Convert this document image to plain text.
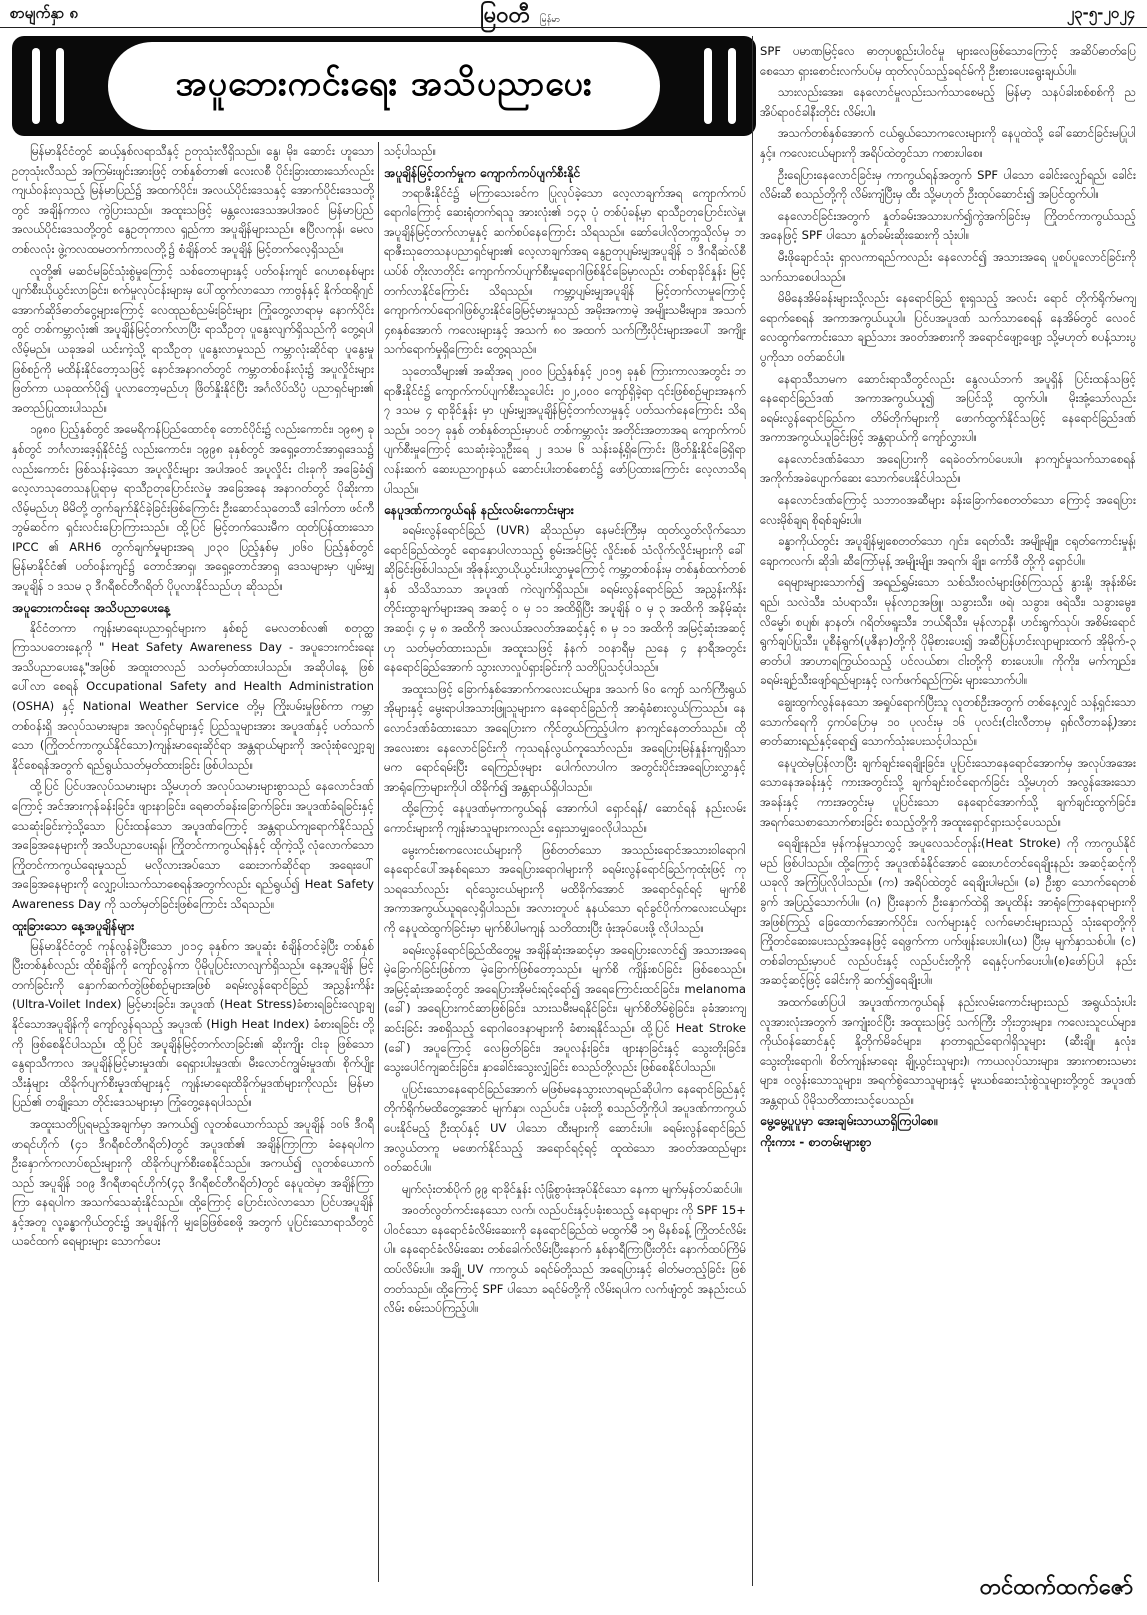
စာမျက်နှာ ၈	မြဝတီ မြန်မာ	၂၃-၅-၂၀၂၄
အပူဘေးကင်းရေး အသိပညာပေး

မြန်မာနိုင်ငံတွင် ဆယ့်နှစ်လရာသီနှင့် ဥတုသုံးလီရှိသည်။ နွေ၊ မိုး၊ ဆောင်း ဟူသော ဥတုသုံးလီသည် အကြမ်းဖျင်းအားဖြင့် တစ်နှစ်တာ၏ လေးလစီ ပိုင်းခြားထားသော်လည်း ကျယ်ဝန်းလှသည့် မြန်မာပြည်၌ အထက်ပိုင်း၊ အလယ်ပိုင်းဒေသနှင့် အောက်ပိုင်းဒေသတို့တွင် အချိန်ကာလ ကွဲပြားသည်။ အထူးသဖြင့် မန္တလေးဒေသအပါအဝင် မြန်မာပြည်အလယ်ပိုင်းဒေသတို့တွင် နွေဥတုကာလ ရှည်ကာ အပူချိန်များသည်။ ဧပြီလကုန်၊ မေလတစ်လလုံး ဖွဲ့ကလထမတက်ကာလတို့၌ စံချိန်တင် အပူချိန် မြင့်တက်လေ့ရှိသည်။

လူတို့၏ မဆင်မခြင်သုံးစွဲမှုကြောင့် သစ်တောများနှင့် ပတ်ဝန်းကျင် ဂေဟစနစ်များ ပျက်စီးယိုယွင်းလာခြင်း၊ စက်မှုလုပ်ငန်းများမှ ပေါ်ထွက်လာသော ကာဗွန်နှင့် နိုက်ထရိုဂျင်အောက်ဆိုဒ်ဓာတ်ငွေ့များကြောင့် လေထုညစ်ညမ်းခြင်းများ ကြုံတွေ့လာရာမှ နောက်ပိုင်းတွင် တစ်ကမ္ဘာလုံး၏ အပူချိန်မြင့်တက်လာပြီး ရာသီဥတု ပူနွေးလျက်ရှိသည်ကို တွေ့ရပါလိမ့်မည်။ ယခုအခါ ယင်းကဲ့သို့ ရာသီဥတု ပူနွေးလာမှုသည် ကမ္ဘာလုံးဆိုင်ရာ ပူနွေးမှုဖြစ်စဉ်ကို မထိန်းနိုင်တော့သဖြင့် နောင်အနာဂတ်တွင် ကမ္ဘာတစ်ဝန်းလုံး၌ အပူလှိုင်းများ ဖြတ်ကာ ယခုထက်ပို၍ ပူလာတော့မည်ဟု ဖြိတ်နှိုးနိုင်ပြီး အင်္ဂလိပ်သိပ္ပံ ပညာရှင်များ၏ အတည်ပြုထားပါသည်။

၁၉၈၀ ပြည့်နှစ်တွင် အမေရိကန်ပြည်ထောင်စု တောင်ပိုင်း၌ လည်းကောင်း၊ ၁၉၈၅ ခုနှစ်တွင် ဘင်္ဂလားဒေ့ရှ်နိုင်ငံ၌ လည်းကောင်း၊ ၁၉၉၈ ခုနှစ်တွင် အရှေ့တောင်အာရှဒေသ၌ လည်းကောင်း ဖြစ်သန်းခဲ့သော အပူလှိုင်းများ အပါအဝင် အပူလှိုင်း ငါးခုကို အခြေခံ၍ လေ့လာသုတေသနပြုရာမှ ရာသီဥတုပြောင်းလဲမှု အခြေအနေ အနာဂတ်တွင် ပိုဆိုးကာ လိမ့်မည်ဟု မိမိတို့ တွက်ချက်နိုင်ခဲ့ခြင်းဖြစ်ကြောင်း ဦးဆောင်သုတေသီ ဒေါက်တာ ဖင်ကီဘွမ်ဆင်က ရှင်းလင်းပြောကြားသည်။ ထို့ပြင် မြင့်တက်သေးမီက ထုတ်ပြန်ထားသော IPCC ၏ ARH6 တွက်ချက်မှုများအရ ၂၀၃၀ ပြည့်နှစ်မှ ၂၀၆၀ ပြည့်နှစ်တွင် မြန်မာနိုင်ငံ၏ ပတ်ဝန်းကျင်၌ တောင်အာရှ၊ အရှေ့တောင်အာရှ ဒေသများမှာ ပျမ်းမျှအပူချိန် ၁ ဒသမ ၃ ဒီဂရီစင်တီဂရိတ် ပိုပူလာနိုင်သည်ဟု ဆိုသည်။

အပူဘေးကင်းရေး အသိပညာပေးနေ့

နိုင်ငံတကာ ကျန်းမာရေးပညာရှင်များက နှစ်စဉ် မေလတစ်လ၏ စတုတ္ထကြာသပတေးနေ့ကို " Heat Safety Awareness Day - အပူဘေးကင်းရေး အသိပညာပေးနေ့"အဖြစ် အထူးတလည် သတ်မှတ်ထားပါသည်။ အဆိုပါနေ့ ဖြစ်ပေါ်လာ စေရန် Occupational Safety and Health Administration (OSHA) နှင့် National Weather Service တို့မှ ကြိုးပမ်းမှုဖြစ်ကာ ကမ္ဘာတစ်ဝန်းရှိ အလုပ်သမားများ၊ အလုပ်ရှင်များနှင့် ပြည်သူများအား အပူဒဏ်နှင့် ပတ်သက်သော (ကြိုတင်ကာကွယ်နိုင်သော)ကျန်းမာရေးဆိုင်ရာ အန္တရာယ်များကို အလုံးစုံလျှော့ချနိုင်စေရန်အတွက် ရည်ရွယ်သတ်မှတ်ထားခြင်း ဖြစ်ပါသည်။

ထို့ပြင် ပြင်ပအလုပ်သမားများ သို့မဟုတ် အလုပ်သမားများစွာသည် နေလောင်ဒဏ်ကြောင့် အင်အားကုန်ခန်းခြင်း၊ ဖျားနာခြင်း၊ ရေဓာတ်ခန်းခြောက်ခြင်း၊ အပူဒဏ်ခံရခြင်းနှင့် သေဆုံးခြင်းကဲ့သို့သော ပြင်းထန်သော အပူဒဏ်ကြောင့် အန္တရာယ်ကျရောက်နိုင်သည့် အခြေအနေများကို အသိပညာပေးရန်၊ ကြိုတင်ကာကွယ်ရန်နှင့် ထိုကဲ့သို့ လုံလောက်သော ကြိုတင်ကာကွယ်ရေးမှုသည် မလိုလားအပ်သော ဆေးဘက်ဆိုင်ရာ အရေးပေါ် အခြေအနေများကို လျှော့ပါးသက်သာစေရန်အတွက်လည်း ရည်ရွယ်၍ Heat Safety Awareness Day ကို သတ်မှတ်ခြင်းဖြစ်ကြောင်း သိရသည်။

ထူးခြားသော နေ့အပူချိန်များ

မြန်မာနိုင်ငံတွင် ကုန်လွန်ခဲ့ပြီးသော ၂၀၁၄ ခုနှစ်က အပူဆုံး စံချိန်တင်ခဲ့ပြီး တစ်နှစ်ပြီးတစ်နှစ်လည်း ထိုစံချိန်ကို ကျော်လွန်ကာ ပိုမိုပူပြင်းလာလျက်ရှိသည်။ နေ့အပူချိန် မြင့်တက်ခြင်းကို နှောက်ဆက်တွဲဖြစ်စဉ်များအဖြစ် ခရမ်းလွန်ရောင်ခြည် အညွှန်းကိန်း (Ultra-Voilet Index) မြင့်မားခြင်း၊ အပူဒဏ် (Heat Stress)ခံစားရခြင်းလျော့ချနိုင်သောအပူချိန်ကို ကျော်လွန်ရသည့် အပူဒဏ် (High Heat Index) ခံစားရခြင်း တို့ကို ဖြစ်စေနိုင်ပါသည်။ ထို့ပြင် အပူချိန်မြင့်တက်လာခြင်း၏ ဆိုးကျိုး ငါးခု ဖြစ်သော နွေရာသီကာလ အပူချိန်မြင့်မားမှုဒဏ်၊ ရေရှားပါးမှုဒဏ်၊ မီးလောင်ကျွမ်းမှုဒဏ်၊ စိုက်ပျိုးသီးနှံများ ထိခိုက်ပျက်စီးမှုဒဏ်များနှင့် ကျန်းမာရေးထိခိုက်မှုဒဏ်များကိုလည်း မြန်မာပြည်၏ တချို့သော တိုင်းဒေသများမှာ ကြုံတွေ့နေရပါသည်။

အထူးသတိပြုရမည့်အချက်မှာ အကယ်၍ လူတစ်ယောက်သည် အပူချိန် ၁၀၆ ဒီဂရီဖာရင်ဟိုက် (၄၁ ဒီဂရီစင်တီဂရိတ်)တွင် အပူဒဏ်၏ အချိန်ကြာကြာ ခံနေရပါက ဦးနှောက်ကလာပ်စည်းများကို ထိခိုက်ပျက်စီးစေနိုင်သည်။ အကယ်၍ လူတစ်ယောက်သည် အပူချိန် ၁၀၉ ဒီဂရီဖာရင်ဟိုက်(၄၃ ဒီဂရီစင်တီဂရိတ်)တွင် နေပူထဲမှာ အချိန်ကြာကြာ နေရပါက အသက်သေဆုံးနိုင်သည်။ ထို့ကြောင့် ပြောင်းလဲလာသော ပြင်ပအပူချိန်နှင့်အတူ လူ့ခန္ဓာကိုယ်တွင်း၌ အပူချိန်ကို မျှခြေဖြစ်စေဖို့ အတွက် ပူပြင်းသောရာသီတွင် ယခင်ထက် ရေများများ သောက်ပေး

သင့်ပါသည်။

အပူချိန်မြင့်တက်မှုက ကျောက်ကပ်ပျက်စီးနိုင်

ဘရာဇီးနိုင်ငံ၌ မကြာသေးခင်က ပြုလုပ်ခဲ့သော လေ့လာချက်အရ ကျောက်ကပ်ရောဂါကြောင့် ဆေးရုံတက်ရသူ အားလုံး၏ ၁၄၃ ပုံ တစ်ပုံခန့်မှာ ရာသီဥတုပြောင်းလဲမှု၊ အပူချိန်မြင့်တက်လာမှုနှင့် ဆက်စပ်နေကြောင်း သိရသည်။ ဆော်ပေါလိုတက္ကသိုလ်မှ ဘရာဇီးသုတေသနပညာရှင်များ၏ လေ့လာချက်အရ နွေဥတုပျမ်းမျှအပူချိန် ၁ ဒီဂရီဆဲလ်စီယပ်စ် တိုးလာတိုင်း ကျောက်ကပ်ပျက်စီးမှုရောဂါဖြစ်နိုင်ခြေမှာလည်း တစ်ရာခိုင်နှုန်း မြင့်တက်လာနိုင်ကြောင်း သိရသည်။ ကမ္ဘာ့ပျမ်းမျှအပူချိန် မြင့်တက်လာမှုကြောင့် ကျောက်ကပ်ရောဂါဖြစ်ပွားနိုင်ခြေမြင့်မားမှုသည် အမိုးအကာမဲ့ အမျိုးသမီးများ၊ အသက် ၄၈နှစ်အောက် ကလေးများနှင့် အသက် ၈၀ အထက် သက်ကြီးပိုင်းများအပေါ် အကျိုးသက်ရောက်မှုရှိကြောင်း တွေ့ရသည်။

သုတေသီများ၏ အဆိုအရ ၂၀၀၀ ပြည့်နှစ်နှင့် ၂၀၁၅ ခုနှစ် ကြားကာလအတွင်း ဘရာဇီးနိုင်ငံ၌ ကျောက်ကပ်ပျက်စီးသူပေါင်း ၂၀၂,၀၀၀ ကျော်ရှိခဲ့ရာ ၎င်းဖြစ်စဉ်များအနက် ၇ ဒသမ ၄ ရာခိုင်နှုန်း မှာ ပျမ်းမျှအပူချိန်မြင့်တက်လာမှုနှင့် ပတ်သက်နေကြောင်း သိရသည်။ ၁၀၁၇ ခုနှစ် တစ်နှစ်တည်းမှာပင် တစ်ကမ္ဘာလုံး အတိုင်းအတာအရ ကျောက်ကပ်ပျက်စီးမှုကြောင့် သေဆုံးခဲ့သူဦးရေ ၂ ဒသမ ၆ သန်းခန့်ရှိကြောင်း ဖြိတ်နှိုးနိုင်ခြေရှိရာ လန်းဆက် ဆေးပညာဂျာနယ် ဆောင်းပါးတစ်စောင်၌ ဖော်ပြထားကြောင်း လေ့လာသိရပါသည်။

နေပူဒဏ်ကာကွယ်ရန် နည်းလမ်းကောင်းများ

ခရမ်းလွန်ရောင်ခြည် (UVR) ဆိုသည်မှာ နေမင်းကြီးမှ ထုတ်လွှတ်လိုက်သောရောင်ခြည်ထဲတွင် ရောနှောပါလာသည့် စွမ်းအင်မြင့် လှိုင်းစစ် သံလိုက်လှိုင်းများကို ခေါ်ဆိုခြင်းဖြစ်ပါသည်။ အိုဇုန်းလွှာယိုယွင်းပါးလွှာမှုကြောင့် ကမ္ဘာ့တစ်ဝန်းမှ တစ်နှစ်ထက်တစ်နှစ် သိသိသာသာ အပူဒဏ် ကဲလျက်ရှိသည်။ ခရမ်းလွန်ရောင်ခြည် အညွှန်းကိန်း တိုင်းထွာချက်များအရ အဆင့် ၀ မှ ၁၁ အထိရှိပြီး အပူချိန် ၀ မှ ၃ အထိကို အနိမ့်ဆုံး အဆင့်၊ ၄ မှ ၈ အထိကို အလယ်အလတ်အဆင့်နှင့် ၈ မှ ၁၁ အထိကို အမြင့်ဆုံးအဆင့်ဟု သတ်မှတ်ထားသည်။ အထူးသဖြင့် နံနက် ၁၀နာရီမှ ညနေ ၄ နာရီအတွင်း နေရောင်ခြည်အောက် သွားလာလှုပ်ရှားခြင်းကို သတိပြုသင့်ပါသည်။

အထူးသဖြင့် ခြောက်နှစ်အောက်ကလေးငယ်များ၊ အသက် ၆၀ ကျော် သက်ကြီးရွယ်အိုများနှင့် မွေးရာပါအသားဖြူသူများက နေရောင်ခြည်ကို အာရုံခံစားလွယ်ကြသည်။ နေလောင်ဒဏ်ခံထားသော အရေပြားက ကိုင်တွယ်ကြည့်ပါက နာကျင်နေတတ်သည်။ ထိုအလေးစား နေလောင်ခြင်းကို ကုသရန်လွယ်ကူသော်လည်း၊ အရေပြားမြန်နှုန်းကျရှိသာမက ရောင်ရမ်းပြီး ရေကြည်ဖုများ ပေါက်လာပါက အတွင်းပိုင်းအရေပြားလွှာနှင့် အာရုံကြောများကိုပါ ထိခိုက်၍ အန္တရာယ်ရှိပါသည်။

ထို့ကြောင့် နေပူဒဏ်မှကာကွယ်ရန် အောက်ပါ ရှောင်ရန်/ ဆောင်ရန် နည်းလမ်းကောင်းများကို ကျန်းမာသူများကလည်း ရှေးသာမျှဝေလိုပါသည်။

မွေးကင်းစကလေးငယ်များကို ဖြစ်တတ်သော အသည်းရောင်အသားဝါရောဂါနေရောင်ပေါ်အနစ်ရသော အရေပြားရောဂါများကို ခရမ်းလွန်ရောင်ခြည်ကုထုံးဖြင့် ကုသရသော်လည်း ရင်သွေးငယ်များကို မထိခိုက်အောင် အရောင်ရှင်ရင့် မျက်စိအကာအကွယ်ယူရလေ့ရှိပါသည်။ အလားတူပင် နုနယ်သော ရင်ခွင်ပိုက်ကလေးငယ်များကို နေပူထဲထွက်ခြင်းမှာ မျက်စိပါမကျန် သတိထားပြီး ဖုံးအုပ်ပေးဖို့ လိုပါသည်။

ခရမ်းလွန်ရောင်ခြည်ထိတွေ့မှု အချိန်ဆုံးအဆင့်မှာ အရေပြားလောင်၍ အသားအရေ မဲ့ခြောက်ခြင်းဖြစ်ကာ မဲ့ခြောက်ဖြစ်တော့သည်။ မျက်စိ ကျိန်းစပ်ခြင်း ဖြစ်စေသည်။ အမြင့်ဆုံးအဆင့်တွင် အရေပြားအိုမင်းရင့်ရော်၍ အရေကြောင်းထင်ခြင်း၊ melanoma (ခေါ်) အရေပြားကင်ဆာဖြစ်ခြင်း၊ သားသမီးမရနိုင်ခြင်း၊ မျက်စိတိမ်စွဲခြင်း၊ ခုခံအားကျဆင်းခြင်း အစရှိသည့် ရောဂါဝေဒနာများကို ခံစားရနိုင်သည်။ ထို့ပြင် Heat Stroke (ခေါ်) အပူကြောင့် လေဖြတ်ခြင်း၊ အပူလန်းခြင်း၊ ဖျားနာခြင်းနှင့် သွေးတိုးခြင်း၊ သွေးပေါင်ကျဆင်းခြင်း၊ နှာခေါင်းသွေးလျှံခြင်း စသည်တို့လည်း ဖြစ်စေနိုင်ပါသည်။

ပူပြင်းသောနေရောင်ခြည်အောက် မဖြစ်မနေသွားလာရမည်ဆိုပါက နေရောင်ခြည်နှင့် တိုက်ရိုက်မထိတွေ့အောင် မျက်နှာ၊ လည်ပင်း၊ ပခုံးတို့ စသည်တို့ကိုပါ အပူဒဏ်ကာကွယ်ပေးနိုင်မည့် ဦးထုပ်နှင့် UV ပါသော ထီးများကို ဆောင်းပါ။ ခရမ်းလွန်ရောင်ခြည် အလွယ်တကူ မဖောက်နိုင်သည့် အရောင်ရင့်ရင့် ထူထဲသော အဝတ်အထည်များ ဝတ်ဆင်ပါ။

မျက်လုံးတစ်ပိုက် ၉၉ ရာခိုင်နှုန်း လုံခြုံစွာဖုံးအုပ်နိုင်သော နေကာ မျက်မှန်တပ်ဆင်ပါ။

အဝတ်လွတ်ကင်းနေသော လက်၊ လည်ပင်းနှင့်ပခုံးစသည့် နေရာများ ကို SPF 15+ ပါဝင်သော နေရောင်ခံလိမ်းဆေးကို နေရောင်ခြည်ထဲ မထွက်မီ ၁၅ မိနစ်ခန့် ကြိုတင်လိမ်းပါ။ နေရောင်ခံလိမ်းဆေး တစ်ခေါက်လိမ်းပြီးနောက် နှစ်နာရီကြာပြီးတိုင်း နောက်ထပ်ကြိမ် ထပ်လိမ်းပါ။ အချို့ UV ကာကွယ် ခရင်မ်တို့သည် အရေပြားနှင့် ဓါတ်မတည့်ခြင်း ဖြစ်တတ်သည်။ ထို့ကြောင့် SPF ပါသော ခရင်မ်တို့ကို လိမ်းရပါက လက်ဖျံတွင် အနည်းငယ်လိမ်း စမ်းသပ်ကြည့်ပါ။

SPF ပမာဏမြင့်လေ ဓာတုပစ္စည်းပါဝင်မှု များလေဖြစ်သောကြောင့် အဆိပ်ဓာတ်ပြေစေသော ရှားစောင်းလက်ပပ်မှ ထုတ်လုပ်သည့်ခရင်မ်ကို ဦးစားပေးရွေးချယ်ပါ။

သားလည်းအေး၊ နေလောင်မှုလည်းသက်သာစေမည့် မြန်မာ့ သနပ်ခါးစစ်စစ်ကို ညအိပ်ရာဝင်ခါနီးတိုင်း လိမ်းပါ။

အသက်တစ်နှစ်အောက် ငယ်ရွယ်သောကလေးများကို နေပူထဲသို့ ခေါ်ဆောင်ခြင်းမပြုပါနှင့်။ ကလေးငယ်များကို အရိပ်ထဲတွင်သာ ကစားပါစေ။

ဦးရေပြားနေလောင်ခြင်းမှ ကာကွယ်ရန်အတွက် SPF ပါသော ခေါင်းလျှော်ရည်၊ ခေါင်းလိမ်းဆီ စသည်တို့ကို လိမ်းကျံပြီးမှ ထီး သို့မဟုတ် ဦးထုပ်ဆောင်း၍ အပြင်ထွက်ပါ။

နေလောင်ခြင်းအတွက် နှုတ်ခမ်းအသားပက်၍ကွဲအက်ခြင်းမှ ကြိုတင်ကာကွယ်သည့်အနေဖြင့် SPF ပါသော နှုတ်ခမ်းဆိုးဆေးကို သုံးပါ။

မီးဖိုချောင်သုံး ရှာလကာရည်ကလည်း နေလောင်၍ အသားအရေ ပူစပ်ပူလောင်ခြင်းကို သက်သာစေပါသည်။

မိမိနေအိမ်ခန်းများသို့လည်း နေရောင်ခြည် စူးရှသည့် အလင်း ရောင် တိုက်ရိုက်မကျရောက်စေရန် အကာအကွယ်ယူပါ။ ပြင်ပအပူဒဏ် သက်သာစေရန် နေအိမ်တွင် လေဝင်လေထွက်ကောင်းသော ချည်သား အဝတ်အစားကို အရောင်ဖျော့ဖျော့ သို့မဟုတ် စပန့်သားပွပွကိုသာ ဝတ်ဆင်ပါ။

နေရာသီသာမက ဆောင်းရာသီတွင်လည်း နွေလယ်ဘက် အပူရှိန် ပြင်းထန်သဖြင့် နေရောင်ခြည်ဒဏ် အကာအကွယ်ယူ၍ အပြင်သို့ ထွက်ပါ။ မိုးအုံ့သော်လည်း ခရမ်းလွန်ရောင်ခြည်က တိမ်တိုက်များကို ဖောက်ထွက်နိုင်သဖြင့် နေရောင်ခြည်ဒဏ် အကာအကွယ်ယူခြင်းဖြင့် အန္တရာယ်ကို ကျော်လွှားပါ။

နေလောင်ဒဏ်ခံသော အရေပြားကို ရေခဲဝတ်ကပ်ပေးပါ။ နာကျင်မှုသက်သာစေရန် အကိုက်အခဲပျောက်ဆေး သောက်ပေးနိုင်ပါသည်။

နေလောင်ဒဏ်ကြောင့် သဘာဝအဆီများ ခန်းခြောက်စေတတ်သော ကြောင့် အရေပြား လေးမိုစ်ချရ စိုရစ်ချမ်းပါ။

ခန္ဓာကိုယ်တွင်း အပူချိန်မျှစေတတ်သော ဂျင်း၊ ရေတ်သီး အမျိုးမျိုး၊ ငရုတ်ကောင်းမှုန့်၊ ချောကလက်၊ ဆိုဒါ၊ ဆီကြော်မုန့် အမျိုးမျိုး၊ အရက်၊ ချိုး၊ ကော်ဖီ တို့ကို ရှောင်ပါ။

ရေများများသောက်၍ အရည်ရွှမ်းသော သစ်သီးဝလံများဖြစ်ကြသည့် နွားနို့၊ အုန်းစိမ်းရည်၊ သလဲသီး၊ သံပရာသီး၊ မုန်လာဥအဖြူ၊ သခွားသီး၊ ဖရဲ၊ သခွား၊ ဖရဲသီး၊ သခွားမွေး၊ လိမ္မော်၊ စပျစ်၊ နာနတ်၊ ဂရိတ်ဖရူးသီး၊ ဘယ်ရီသီး၊ မုန်လာဥနီ၊ ဟင်းရွက်သုပ်၊ အစိမ်းရောင်ရွက်ချပ်ပြုသီး၊ ပူစီနံရွက်(ပူဇီနာ)တို့ကို ပိုမိုစားပေး၍ အဆီပြန်ဟင်းလျာများထက် အိုမိုက်-၃ ဓာတ်ပါ အာဟာရကြွယ်ဝသည့် ပင်လယ်စာ၊ ငါးတို့ကို စားပေးပါ။ ကိုကိုး၊ မက်ကျည်း၊ ခရမ်းချဉ်သီးဖျော်ရည်များနှင့် လက်ဖက်ရည်ကြမ်း များသောက်ပါ။

ချွေးထွက်လွန်နေသော အရှုပ်ရောက်ပြီးသူ လူတစ်ဦးအတွက် တစ်နေ့လျှင် သန့်ရှင်းသောသောက်ရေကို ၄ကပ်ပြောမှ ၁၀ ပုလင်းမှ ၁၆ ပုလင်း(ငါးလီတာမှ ရှစ်လီတာခန့်)အား ဓာတ်ဆားရည်နှင့်ရော၍ သောက်သုံးပေးသင့်ပါသည်။

နေပူထဲမှပြန်လာပြီး ချက်ချင်းရေချိုးခြင်း၊ ပူပြင်းသောနေရောင်အောက်မှ အလုပ်အအေးသောနေအခန်းနှင့် ကားအတွင်းသို့ ချက်ချင်းဝင်ရောက်ခြင်း သို့မဟုတ် အလွန်အေးသောအခန်းနှင့် ကားအတွင်းမှ ပူပြင်းသော နေရောင်အောက်သို့ ချက်ချင်းထွက်ခြင်း၊ အရက်သေစာသောက်စားခြင်း စသည့်တို့ကို အထူးရှောင်ရှားသင့်ပေသည်။

ရေချိုးနည်း၊ မှန်ကန်မှုသာလွှင့် အပူလေသင်တုန်း(Heat Stroke) ကို ကာကွယ်နိုင်မည် ဖြစ်ပါသည်။ ထို့ကြောင့် အပူဒဏ်ခံနိုင်အောင် ဆေးဟင်တင်ရေချိုးနည်း အဆင့်ဆင့်ကို ယခုလို အကြံပြုလိုပါသည်။ (က) အရိပ်ထဲတွင် ရေချိုးပါမည်။ (ခ) ဦးစွာ သောက်ရေတစ်ခွက် အပြည့်သောက်ပါ။ (ဂ) ပြီးနောက် ဦးနှောက်ထဲရှိ အပူထိန်း အာရုံကြောနေရာများကိုအဖြစ်ကြည့် ခြေထောက်အောက်ပိုင်း၊ လက်များနှင့် လက်မောင်းများသည့် သုံးရောတို့ကို ကြိုတင်ဆေးပေးသည့်အနေဖြင့် ရေဖွက်ကာ ပက်ဖျန်းပေးပါ။(ဃ) ပြီးမှ မျက်နှာသစ်ပါ။ (င) တစ်ခါတည်းမှာပင် လည်ပင်းနှင့် လည်ပင်းတို့ကို ရေနှင့်ပက်ပေးပါ။(စ)ဖော်ပြပါ နည်းအဆင့်ဆင့်ဖြင့် ခေါင်းကို ဆက်၍ရေချိုးပါ။

အထက်ဖော်ပြပါ အပူဒဏ်ကာကွယ်ရန် နည်းလမ်းကောင်းများသည် အရွယ်သုံးပါး လူအားလုံးအတွက် အကျုံးဝင်ပြီး အထူးသဖြင့် သက်ကြီး ဘိုးဘွားများ၊ ကလေးသူငယ်များ၊ ကိုယ်ဝန်ဆောင်နှင့် နို့တိုက်မိခင်များ၊ နာတာရှည်ရောဂါရှိသူများ (ဆီးချို၊ နှလုံး၊ သွေးတိုးရောဂါ၊ စိတ်ကျန်းမာရေး ချို့ယွင်းသူများ)၊ ကာယလုပ်သားများ၊ အားကစားသမားများ၊ ဝလွန်းသောသူများ၊ အရက်စွဲသောသူများနှင့် မူးယစ်ဆေးသုံးစွဲသူများတို့တွင် အပူဒဏ်အန္တရာယ် ပိုမိုသတိထားသင့်ပေသည်။

မွေ့မွေ့ပူပူမှာ အေးချမ်းသာယာရှိကြပါစေ။
ကိုးကား - စာတမ်းများစွာ
တင်ထက်ထက်ဇော်
